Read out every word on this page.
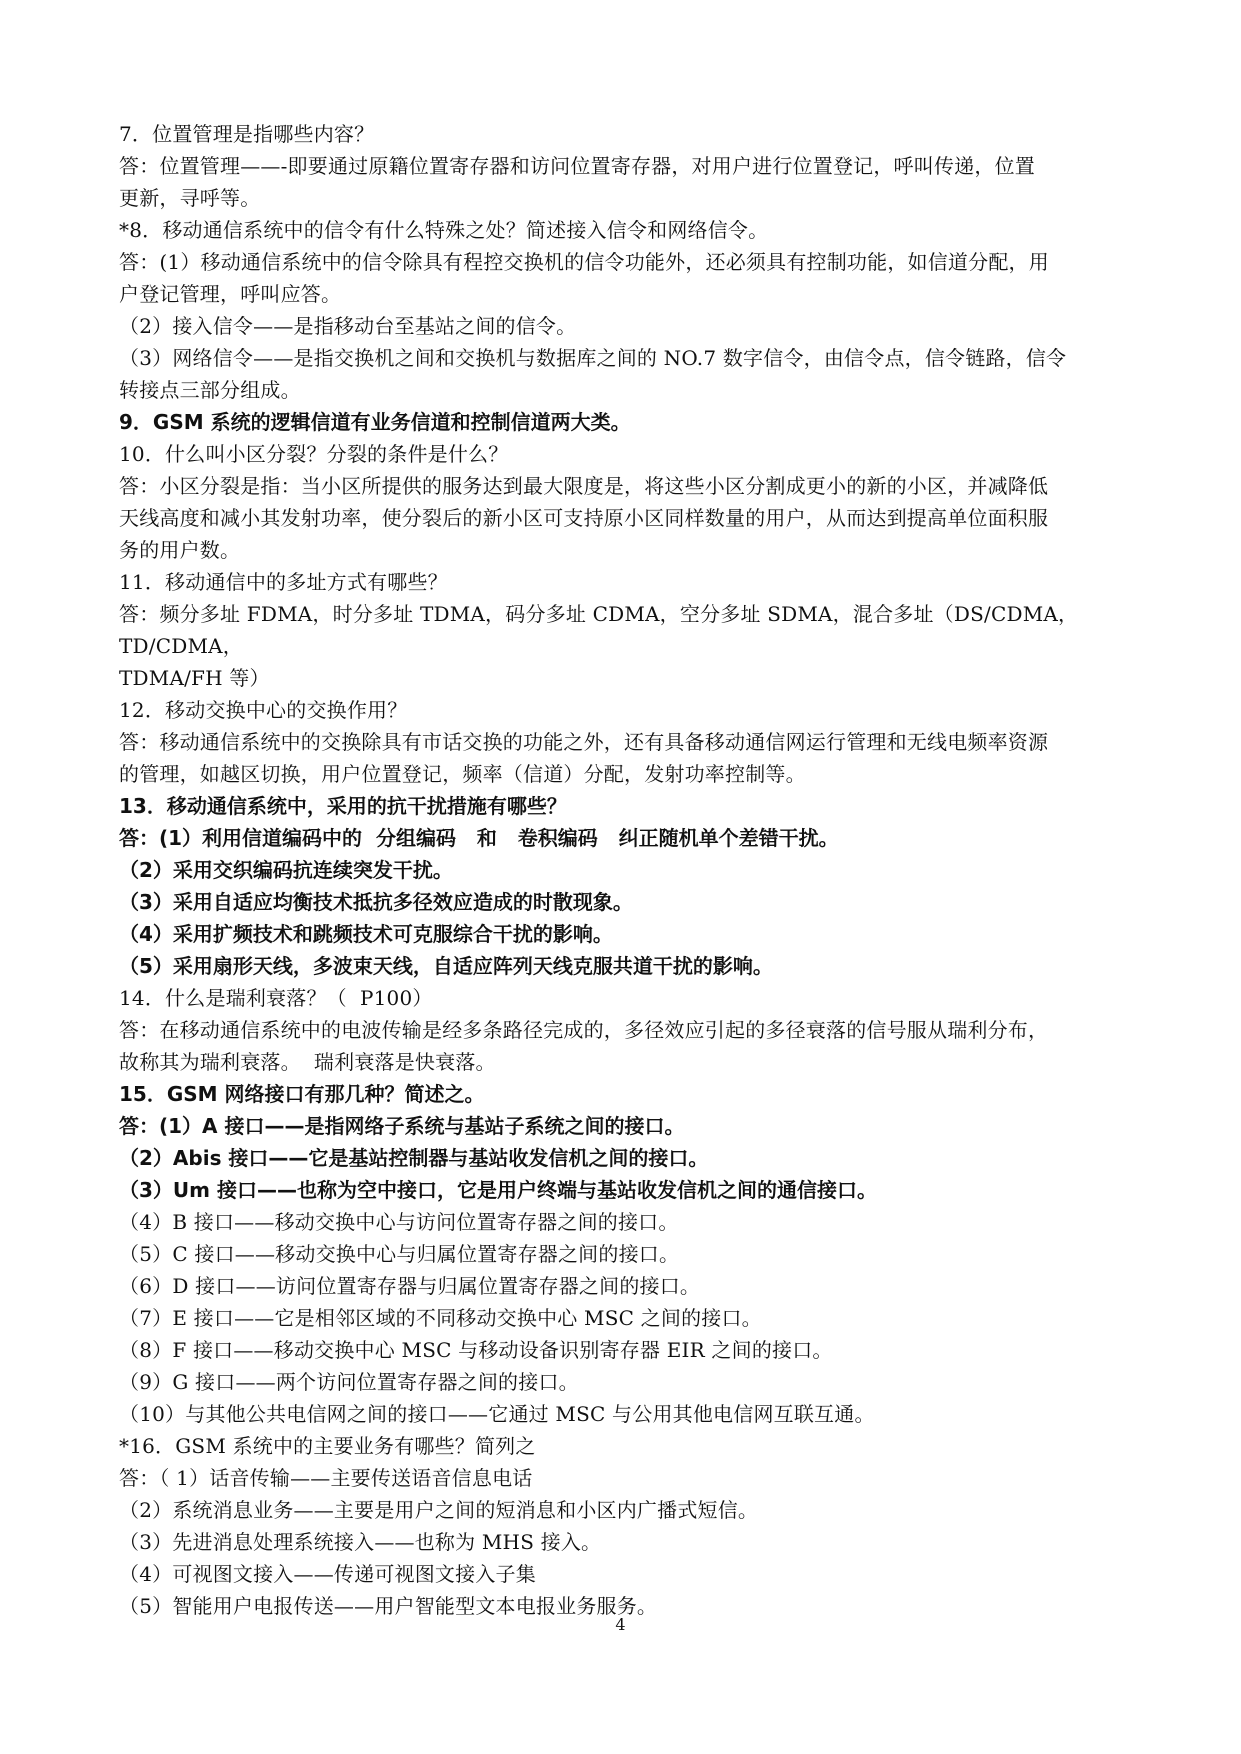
7．位置管理是指哪些内容？
答：位置管理——-即要通过原籍位置寄存器和访问位置寄存器，对用户进行位置登记，呼叫传递，位置
更新，寻呼等。
*8．移动通信系统中的信令有什么特殊之处？简述接入信令和网络信令。
答：(1）移动通信系统中的信令除具有程控交换机的信令功能外，还必须具有控制功能，如信道分配，用
户登记管理，呼叫应答。
（2）接入信令——是指移动台至基站之间的信令。
（3）网络信令——是指交换机之间和交换机与数据库之间的 NO.7 数字信令，由信令点，信令链路，信令
转接点三部分组成。
9．GSM 系统的逻辑信道有业务信道和控制信道两大类。
10．什么叫小区分裂？分裂的条件是什么？
答：小区分裂是指：当小区所提供的服务达到最大限度是，将这些小区分割成更小的新的小区，并减降低
天线高度和减小其发射功率，使分裂后的新小区可支持原小区同样数量的用户，从而达到提高单位面积服
务的用户数。
11．移动通信中的多址方式有哪些？
答：频分多址 FDMA，时分多址 TDMA，码分多址 CDMA，空分多址 SDMA，混合多址（DS/CDMA，TD/CDMA，
TDMA/FH 等）
12．移动交换中心的交换作用？
答：移动通信系统中的交换除具有市话交换的功能之外，还有具备移动通信网运行管理和无线电频率资源
的管理，如越区切换，用户位置登记，频率（信道）分配，发射功率控制等。
13．移动通信系统中，采用的抗干扰措施有哪些？
答：(1）利用信道编码中的  分组编码   和   卷积编码   纠正随机单个差错干扰。
（2）采用交织编码抗连续突发干扰。
（3）采用自适应均衡技术抵抗多径效应造成的时散现象。
（4）采用扩频技术和跳频技术可克服综合干扰的影响。
（5）采用扇形天线，多波束天线，自适应阵列天线克服共道干扰的影响。
14．什么是瑞利衰落？（  P100）
答：在移动通信系统中的电波传输是经多条路径完成的，多径效应引起的多径衰落的信号服从瑞利分布，
故称其为瑞利衰落。  瑞利衰落是快衰落。
15．GSM 网络接口有那几种？简述之。
答：(1）A 接口——是指网络子系统与基站子系统之间的接口。
（2）Abis 接口——它是基站控制器与基站收发信机之间的接口。
（3）Um 接口——也称为空中接口，它是用户终端与基站收发信机之间的通信接口。
（4）B 接口——移动交换中心与访问位置寄存器之间的接口。
（5）C 接口——移动交换中心与归属位置寄存器之间的接口。
（6）D 接口——访问位置寄存器与归属位置寄存器之间的接口。
（7）E 接口——它是相邻区域的不同移动交换中心 MSC 之间的接口。
（8）F 接口——移动交换中心 MSC 与移动设备识别寄存器 EIR 之间的接口。
（9）G 接口——两个访问位置寄存器之间的接口。
（10）与其他公共电信网之间的接口——它通过 MSC 与公用其他电信网互联互通。
*16．GSM 系统中的主要业务有哪些？简列之
答：（ 1）话音传输——主要传送语音信息电话
（2）系统消息业务——主要是用户之间的短消息和小区内广播式短信。
（3）先进消息处理系统接入——也称为 MHS 接入。
（4）可视图文接入——传递可视图文接入子集
（5）智能用户电报传送——用户智能型文本电报业务服务。
4
